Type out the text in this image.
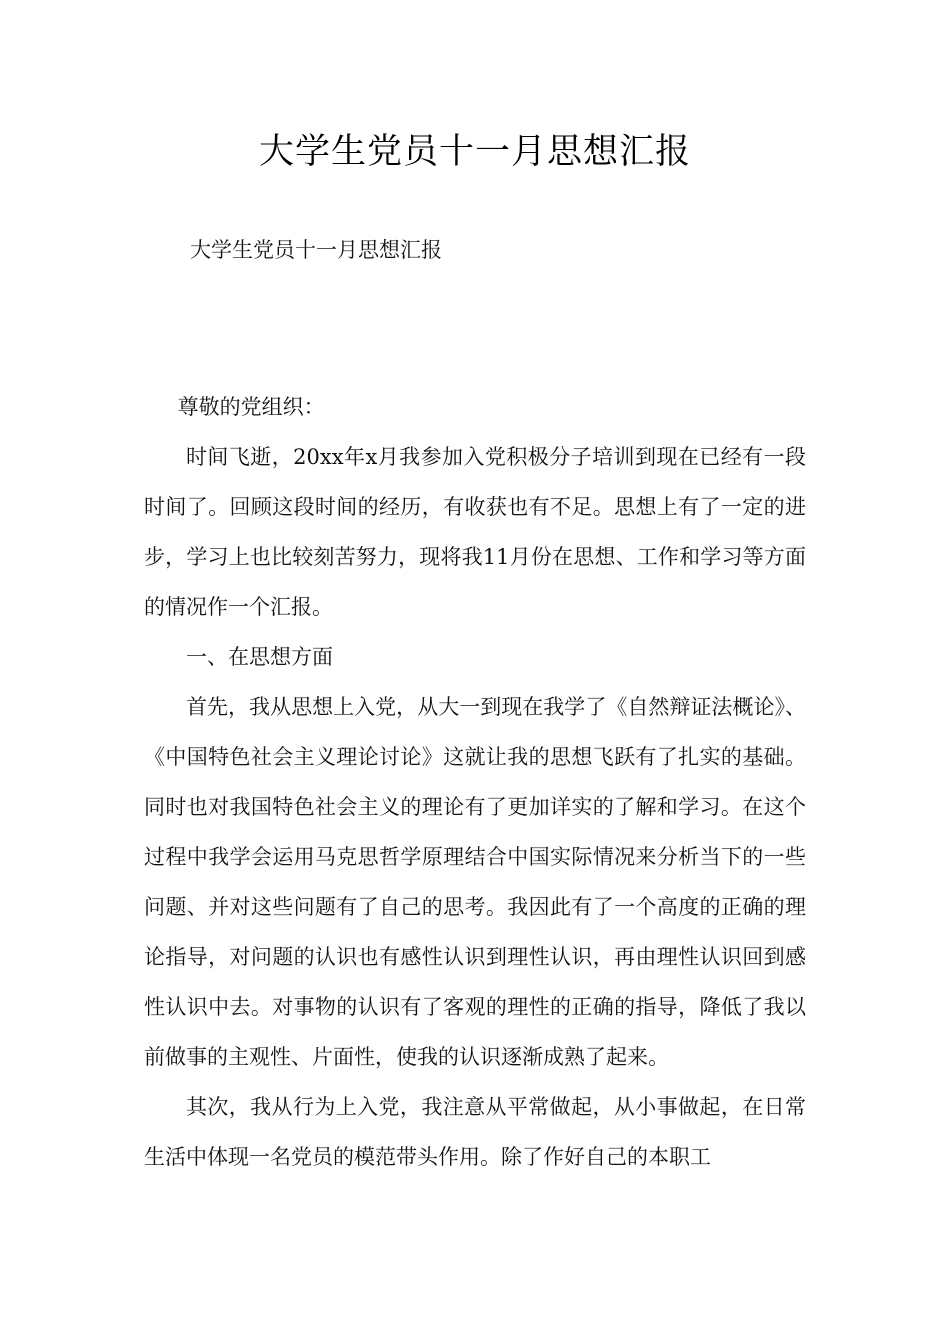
大学生党员十一月思想汇报
大学生党员十一月思想汇报

尊敬的党组织：

时间飞逝，20xx年x月我参加入党积极分子培训到现在已经有一段时间了。回顾这段时间的经历，有收获也有不足。思想上有了一定的进步，学习上也比较刻苦努力，现将我11月份在思想、工作和学习等方面的情况作一个汇报。

一、在思想方面

首先，我从思想上入党，从大一到现在我学了《自然辩证法概论》、《中国特色社会主义理论讨论》这就让我的思想飞跃有了扎实的基础。同时也对我国特色社会主义的理论有了更加详实的了解和学习。在这个过程中我学会运用马克思哲学原理结合中国实际情况来分析当下的一些问题、并对这些问题有了自己的思考。我因此有了一个高度的正确的理论指导，对问题的认识也有感性认识到理性认识，再由理性认识回到感性认识中去。对事物的认识有了客观的理性的正确的指导，降低了我以前做事的主观性、片面性，使我的认识逐渐成熟了起来。

其次，我从行为上入党，我注意从平常做起，从小事做起，在日常生活中体现一名党员的模范带头作用。除了作好自己的本职工
